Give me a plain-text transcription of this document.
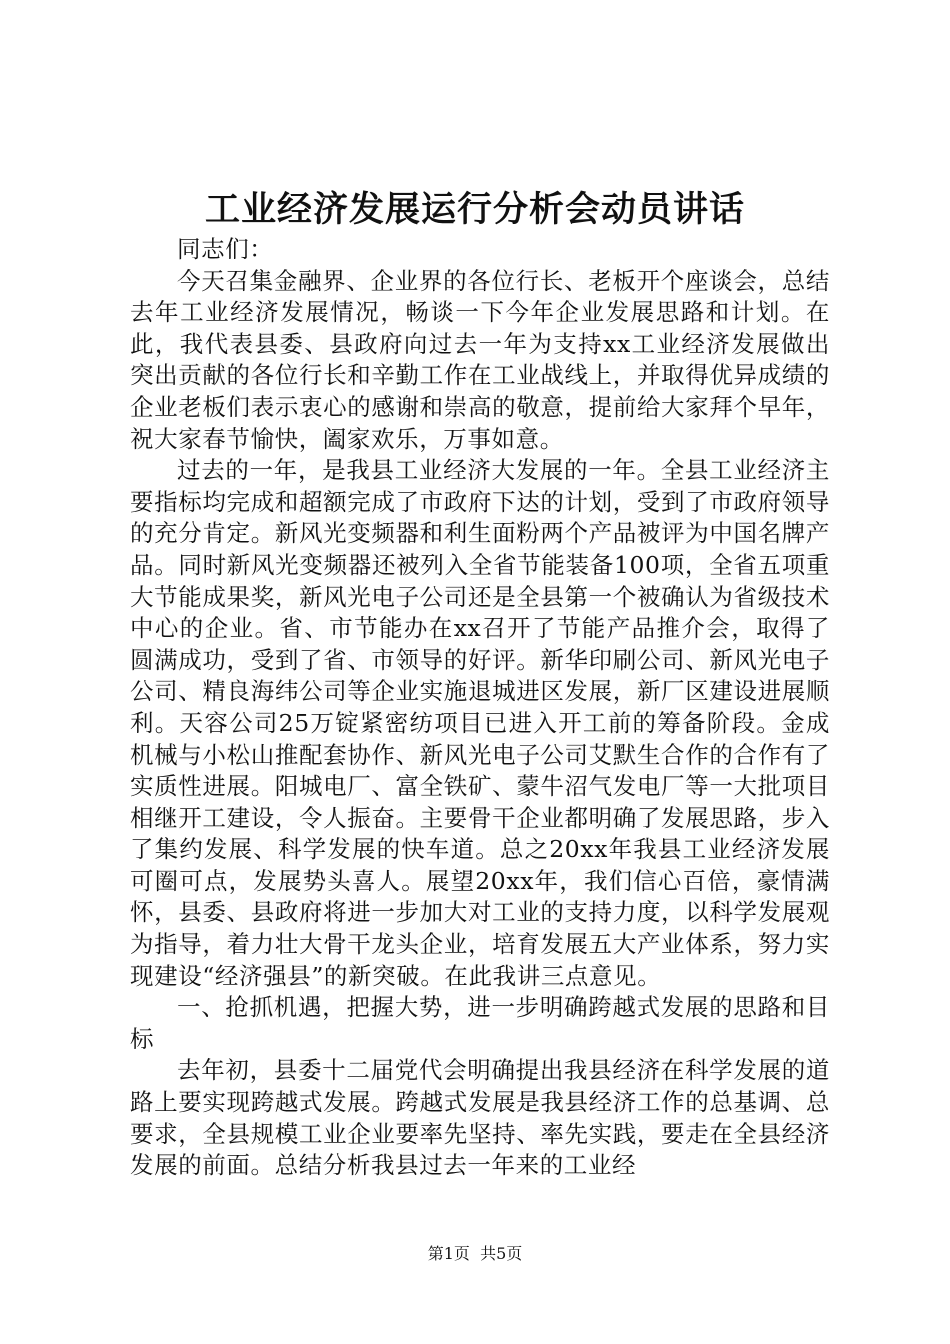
工业经济发展运行分析会动员讲话

同志们：

今天召集金融界、企业界的各位行长、老板开个座谈会，总结去年工业经济发展情况，畅谈一下今年企业发展思路和计划。在此，我代表县委、县政府向过去一年为支持xx工业经济发展做出突出贡献的各位行长和辛勤工作在工业战线上，并取得优异成绩的企业老板们表示衷心的感谢和崇高的敬意，提前给大家拜个早年，祝大家春节愉快，阖家欢乐，万事如意。

过去的一年，是我县工业经济大发展的一年。全县工业经济主要指标均完成和超额完成了市政府下达的计划，受到了市政府领导的充分肯定。新风光变频器和利生面粉两个产品被评为中国名牌产品。同时新风光变频器还被列入全省节能装备100项，全省五项重大节能成果奖，新风光电子公司还是全县第一个被确认为省级技术中心的企业。省、市节能办在xx召开了节能产品推介会，取得了圆满成功，受到了省、市领导的好评。新华印刷公司、新风光电子公司、精良海纬公司等企业实施退城进区发展，新厂区建设进展顺利。天容公司25万锭紧密纺项目已进入开工前的筹备阶段。金成机械与小松山推配套协作、新风光电子公司艾默生合作的合作有了实质性进展。阳城电厂、富全铁矿、蒙牛沼气发电厂等一大批项目相继开工建设，令人振奋。主要骨干企业都明确了发展思路，步入了集约发展、科学发展的快车道。总之20xx年我县工业经济发展可圈可点，发展势头喜人。展望20xx年，我们信心百倍，豪情满怀，县委、县政府将进一步加大对工业的支持力度，以科学发展观为指导，着力壮大骨干龙头企业，培育发展五大产业体系，努力实现建设“经济强县”的新突破。在此我讲三点意见。

一、抢抓机遇，把握大势，进一步明确跨越式发展的思路和目标

去年初，县委十二届党代会明确提出我县经济在科学发展的道路上要实现跨越式发展。跨越式发展是我县经济工作的总基调、总要求，全县规模工业企业要率先坚持、率先实践，要走在全县经济发展的前面。总结分析我县过去一年来的工业经

第1页  共5页
